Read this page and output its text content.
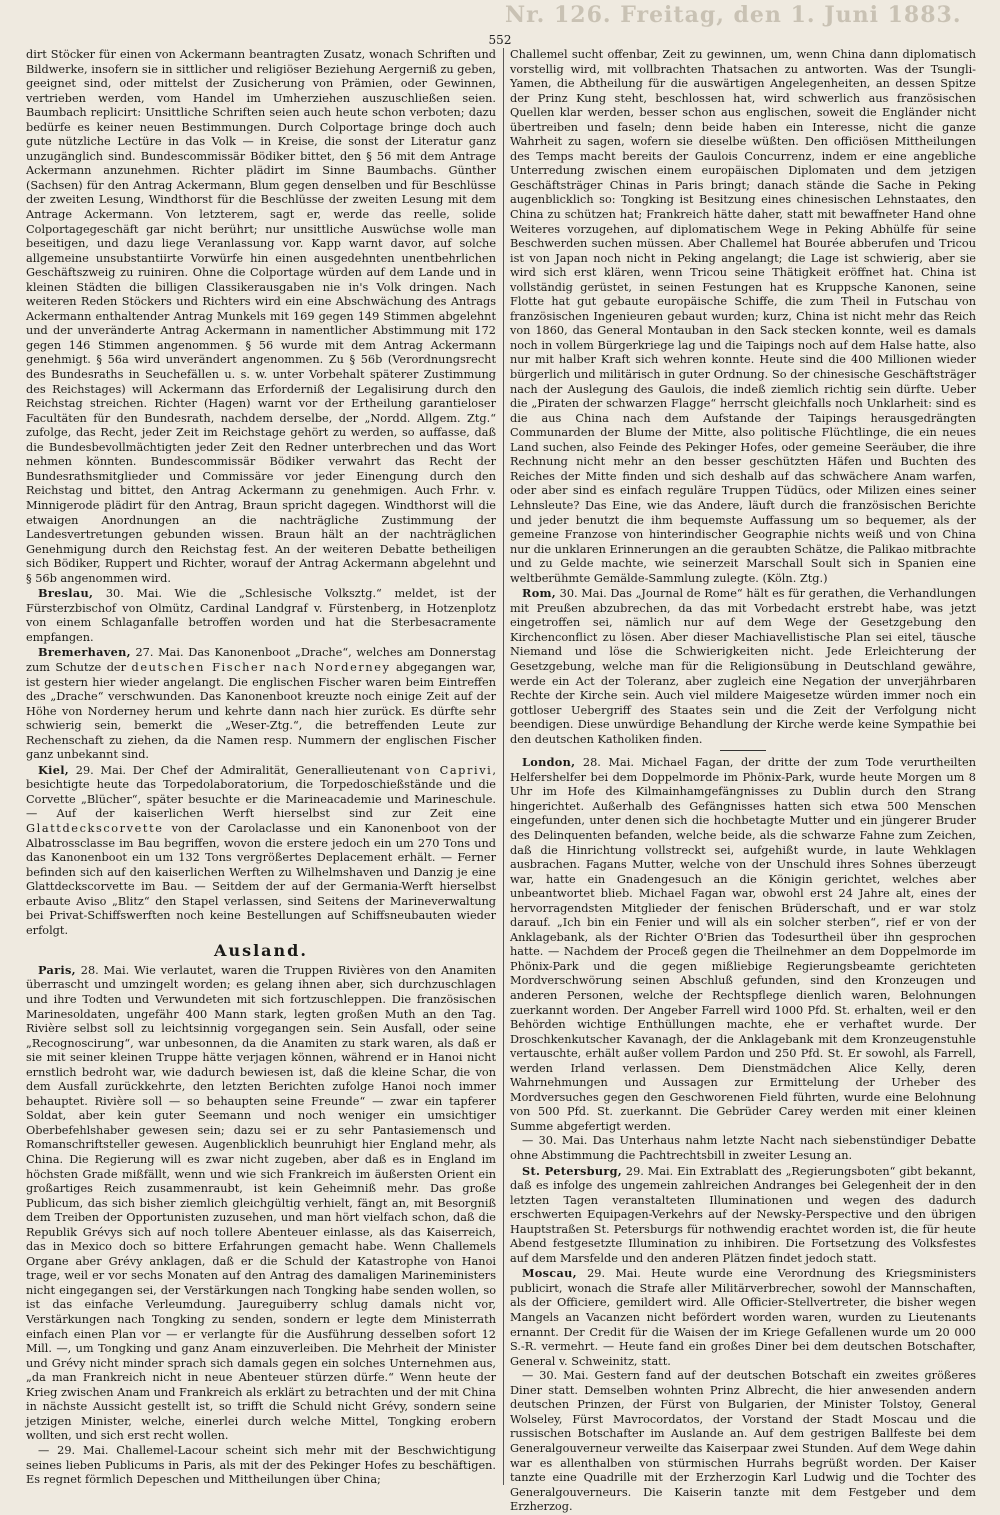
Nr. 126. Freitag, den 1. Juni 1883.
552

dirt Stöcker für einen von Ackermann beantragten Zusatz, wonach Schriften und Bildwerke, insofern sie in sittlicher und religiöser Beziehung Aergerniß zu geben, geeignet sind, oder mittelst der Zusicherung von Prämien, oder Gewinnen, vertrieben werden, vom Handel im Umherziehen auszuschließen seien. Baumbach replicirt: Unsittliche Schriften seien auch heute schon verboten; dazu bedürfe es keiner neuen Bestimmungen. Durch Colportage bringe doch auch gute nützliche Lectüre in das Volk — in Kreise, die sonst der Literatur ganz unzugänglich sind. Bundescommissär Bödiker bittet, den § 56 mit dem Antrage Ackermann anzunehmen. Richter plädirt im Sinne Baumbachs. Günther (Sachsen) für den Antrag Ackermann, Blum gegen denselben und für Beschlüsse der zweiten Lesung, Windthorst für die Beschlüsse der zweiten Lesung mit dem Antrage Ackermann. Von letzterem, sagt er, werde das reelle, solide Colportagegeschäft gar nicht berührt; nur unsittliche Auswüchse wolle man beseitigen, und dazu liege Veranlassung vor. Kapp warnt davor, auf solche allgemeine unsubstantiirte Vorwürfe hin einen ausgedehnten unentbehrlichen Geschäftszweig zu ruiniren. Ohne die Colportage würden auf dem Lande und in kleinen Städten die billigen Classikerausgaben nie in's Volk dringen. Nach weiteren Reden Stöckers und Richters wird ein eine Abschwächung des Antrags Ackermann enthaltender Antrag Munkels mit 169 gegen 149 Stimmen abgelehnt und der unveränderte Antrag Ackermann in namentlicher Abstimmung mit 172 gegen 146 Stimmen angenommen. § 56 wurde mit dem Antrag Ackermann genehmigt. § 56a wird unverändert angenommen. Zu § 56b (Verordnungsrecht des Bundesraths in Seuchefällen u. s. w. unter Vorbehalt späterer Zustimmung des Reichstages) will Ackermann das Erforderniß der Legalisirung durch den Reichstag streichen. Richter (Hagen) warnt vor der Ertheilung garantieloser Facultäten für den Bundesrath, nachdem derselbe, der „Nordd. Allgem. Ztg.“ zufolge, das Recht, jeder Zeit im Reichstage gehört zu werden, so auffasse, daß die Bundesbevollmächtigten jeder Zeit den Redner unterbrechen und das Wort nehmen könnten. Bundescommissär Bödiker verwahrt das Recht der Bundesrathsmitglieder und Commissäre vor jeder Einengung durch den Reichstag und bittet, den Antrag Ackermann zu genehmigen. Auch Frhr. v. Minnigerode plädirt für den Antrag, Braun spricht dagegen. Windthorst will die etwaigen Anordnungen an die nachträgliche Zustimmung der Landesvertretungen gebunden wissen. Braun hält an der nachträglichen Genehmigung durch den Reichstag fest. An der weiteren Debatte betheiligen sich Bödiker, Ruppert und Richter, worauf der Antrag Ackermann abgelehnt und § 56b angenommen wird.

Breslau, 30. Mai. Wie die „Schlesische Volksztg.“ meldet, ist der Fürsterzbischof von Olmütz, Cardinal Landgraf v. Fürstenberg, in Hotzenplotz von einem Schlaganfalle betroffen worden und hat die Sterbesacramente empfangen.

Bremerhaven, 27. Mai. Das Kanonenboot „Drache“, welches am Donnerstag zum Schutze der deutschen Fischer nach Norderney abgegangen war, ist gestern hier wieder angelangt. Die englischen Fischer waren beim Eintreffen des „Drache“ verschwunden. Das Kanonenboot kreuzte noch einige Zeit auf der Höhe von Norderney herum und kehrte dann nach hier zurück. Es dürfte sehr schwierig sein, bemerkt die „Weser-Ztg.“, die betreffenden Leute zur Rechenschaft zu ziehen, da die Namen resp. Nummern der englischen Fischer ganz unbekannt sind.

Kiel, 29. Mai. Der Chef der Admiralität, Generallieutenant von Caprivi, besichtigte heute das Torpedolaboratorium, die Torpedoschießstände und die Corvette „Blücher“, später besuchte er die Marineacademie und Marineschule. — Auf der kaiserlichen Werft hierselbst sind zur Zeit eine Glattdeckscorvette von der Carolaclasse und ein Kanonenboot von der Albatrossclasse im Bau begriffen, wovon die erstere jedoch ein um 270 Tons und das Kanonenboot ein um 132 Tons vergrößertes Deplacement erhält. — Ferner befinden sich auf den kaiserlichen Werften zu Wilhelmshaven und Danzig je eine Glattdeckscorvette im Bau. — Seitdem der auf der Germania-Werft hierselbst erbaute Aviso „Blitz“ den Stapel verlassen, sind Seitens der Marineverwaltung bei Privat-Schiffswerften noch keine Bestellungen auf Schiffsneubauten wieder erfolgt.

Ausland.

Paris, 28. Mai. Wie verlautet, waren die Truppen Rivières von den Anamiten überrascht und umzingelt worden; es gelang ihnen aber, sich durchzuschlagen und ihre Todten und Verwundeten mit sich fortzuschleppen. Die französischen Marinesoldaten, ungefähr 400 Mann stark, legten großen Muth an den Tag. Rivière selbst soll zu leichtsinnig vorgegangen sein. Sein Ausfall, oder seine „Recognoscirung“, war unbesonnen, da die Anamiten zu stark waren, als daß er sie mit seiner kleinen Truppe hätte verjagen können, während er in Hanoi nicht ernstlich bedroht war, wie dadurch bewiesen ist, daß die kleine Schar, die von dem Ausfall zurückkehrte, den letzten Berichten zufolge Hanoi noch immer behauptet. Rivière soll — so behaupten seine Freunde“ — zwar ein tapferer Soldat, aber kein guter Seemann und noch weniger ein umsichtiger Oberbefehlshaber gewesen sein; dazu sei er zu sehr Pantasiemensch und Romanschriftsteller gewesen. Augenblicklich beunruhigt hier England mehr, als China. Die Regierung will es zwar nicht zugeben, aber daß es in England im höchsten Grade mißfällt, wenn und wie sich Frankreich im äußersten Orient ein großartiges Reich zusammenraubt, ist kein Geheimniß mehr. Das große Publicum, das sich bisher ziemlich gleichgültig verhielt, fängt an, mit Besorgniß dem Treiben der Opportunisten zuzusehen, und man hört vielfach schon, daß die Republik Grévys sich auf noch tollere Abenteuer einlasse, als das Kaiserreich, das in Mexico doch so bittere Erfahrungen gemacht habe. Wenn Challemels Organe aber Grévy anklagen, daß er die Schuld der Katastrophe von Hanoi trage, weil er vor sechs Monaten auf den Antrag des damaligen Marineministers nicht eingegangen sei, der Verstärkungen nach Tongking habe senden wollen, so ist das einfache Verleumdung. Jaureguiberry schlug damals nicht vor, Verstärkungen nach Tongking zu senden, sondern er legte dem Ministerrath einfach einen Plan vor — er verlangte für die Ausführung desselben sofort 12 Mill. —, um Tongking und ganz Anam einzuverleiben. Die Mehrheit der Minister und Grévy nicht minder sprach sich damals gegen ein solches Unternehmen aus, „da man Frankreich nicht in neue Abenteuer stürzen dürfe.“ Wenn heute der Krieg zwischen Anam und Frankreich als erklärt zu betrachten und der mit China in nächste Aussicht gestellt ist, so trifft die Schuld nicht Grévy, sondern seine jetzigen Minister, welche, einerlei durch welche Mittel, Tongking erobern wollten, und sich erst recht wollen.

— 29. Mai. Challemel-Lacour scheint sich mehr mit der Beschwichtigung seines lieben Publicums in Paris, als mit der des Pekinger Hofes zu beschäftigen. Es regnet förmlich Depeschen und Mittheilungen über China;

Challemel sucht offenbar, Zeit zu gewinnen, um, wenn China dann diplomatisch vorstellig wird, mit vollbrachten Thatsachen zu antworten. Was der Tsungli-Yamen, die Abtheilung für die auswärtigen Angelegenheiten, an dessen Spitze der Prinz Kung steht, beschlossen hat, wird schwerlich aus französischen Quellen klar werden, besser schon aus englischen, soweit die Engländer nicht übertreiben und faseln; denn beide haben ein Interesse, nicht die ganze Wahrheit zu sagen, wofern sie dieselbe wüßten. Den officiösen Mittheilungen des Temps macht bereits der Gaulois Concurrenz, indem er eine angebliche Unterredung zwischen einem europäischen Diplomaten und dem jetzigen Geschäftsträger Chinas in Paris bringt; danach stände die Sache in Peking augenblicklich so: Tongking ist Besitzung eines chinesischen Lehnstaates, den China zu schützen hat; Frankreich hätte daher, statt mit bewaffneter Hand ohne Weiteres vorzugehen, auf diplomatischem Wege in Peking Abhülfe für seine Beschwerden suchen müssen. Aber Challemel hat Bourée abberufen und Tricou ist von Japan noch nicht in Peking angelangt; die Lage ist schwierig, aber sie wird sich erst klären, wenn Tricou seine Thätigkeit eröffnet hat. China ist vollständig gerüstet, in seinen Festungen hat es Kruppsche Kanonen, seine Flotte hat gut gebaute europäische Schiffe, die zum Theil in Futschau von französischen Ingenieuren gebaut wurden; kurz, China ist nicht mehr das Reich von 1860, das General Montauban in den Sack stecken konnte, weil es damals noch in vollem Bürgerkriege lag und die Taipings noch auf dem Halse hatte, also nur mit halber Kraft sich wehren konnte. Heute sind die 400 Millionen wieder bürgerlich und militärisch in guter Ordnung. So der chinesische Geschäftsträger nach der Auslegung des Gaulois, die indeß ziemlich richtig sein dürfte. Ueber die „Piraten der schwarzen Flagge“ herrscht gleichfalls noch Unklarheit: sind es die aus China nach dem Aufstande der Taipings herausgedrängten Communarden der Blume der Mitte, also politische Flüchtlinge, die ein neues Land suchen, also Feinde des Pekinger Hofes, oder gemeine Seeräuber, die ihre Rechnung nicht mehr an den besser geschützten Häfen und Buchten des Reiches der Mitte finden und sich deshalb auf das schwächere Anam warfen, oder aber sind es einfach reguläre Truppen Tüdücs, oder Milizen eines seiner Lehnsleute? Das Eine, wie das Andere, läuft durch die französischen Berichte und jeder benutzt die ihm bequemste Auffassung um so bequemer, als der gemeine Franzose von hinterindischer Geographie nichts weiß und von China nur die unklaren Erinnerungen an die geraubten Schätze, die Palikao mitbrachte und zu Gelde machte, wie seinerzeit Marschall Soult sich in Spanien eine weltberühmte Gemälde-Sammlung zulegte. (Köln. Ztg.)

Rom, 30. Mai. Das „Journal de Rome“ hält es für gerathen, die Verhandlungen mit Preußen abzubrechen, da das mit Vorbedacht erstrebt habe, was jetzt eingetroffen sei, nämlich nur auf dem Wege der Gesetzgebung den Kirchenconflict zu lösen. Aber dieser Machiavellistische Plan sei eitel, täusche Niemand und löse die Schwierigkeiten nicht. Jede Erleichterung der Gesetzgebung, welche man für die Religionsübung in Deutschland gewähre, werde ein Act der Toleranz, aber zugleich eine Negation der unverjährbaren Rechte der Kirche sein. Auch viel mildere Maigesetze würden immer noch ein gottloser Uebergriff des Staates sein und die Zeit der Verfolgung nicht beendigen. Diese unwürdige Behandlung der Kirche werde keine Sympathie bei den deutschen Katholiken finden.

London, 28. Mai. Michael Fagan, der dritte der zum Tode verurtheilten Helfershelfer bei dem Doppelmorde im Phönix-Park, wurde heute Morgen um 8 Uhr im Hofe des Kilmainhamgefängnisses zu Dublin durch den Strang hingerichtet. Außerhalb des Gefängnisses hatten sich etwa 500 Menschen eingefunden, unter denen sich die hochbetagte Mutter und ein jüngerer Bruder des Delinquenten befanden, welche beide, als die schwarze Fahne zum Zeichen, daß die Hinrichtung vollstreckt sei, aufgehißt wurde, in laute Wehklagen ausbrachen. Fagans Mutter, welche von der Unschuld ihres Sohnes überzeugt war, hatte ein Gnadengesuch an die Königin gerichtet, welches aber unbeantwortet blieb. Michael Fagan war, obwohl erst 24 Jahre alt, eines der hervorragendsten Mitglieder der fenischen Brüderschaft, und er war stolz darauf. „Ich bin ein Fenier und will als ein solcher sterben“, rief er von der Anklagebank, als der Richter O'Brien das Todesurtheil über ihn gesprochen hatte. — Nachdem der Proceß gegen die Theilnehmer an dem Doppelmorde im Phönix-Park und die gegen mißliebige Regierungsbeamte gerichteten Mordverschwörung seinen Abschluß gefunden, sind den Kronzeugen und anderen Personen, welche der Rechtspflege dienlich waren, Belohnungen zuerkannt worden. Der Angeber Farrell wird 1000 Pfd. St. erhalten, weil er den Behörden wichtige Enthüllungen machte, ehe er verhaftet wurde. Der Droschkenkutscher Kavanagh, der die Anklagebank mit dem Kronzeugenstuhle vertauschte, erhält außer vollem Pardon und 250 Pfd. St. Er sowohl, als Farrell, werden Irland verlassen. Dem Dienstmädchen Alice Kelly, deren Wahrnehmungen und Aussagen zur Ermittelung der Urheber des Mordversuches gegen den Geschworenen Field führten, wurde eine Belohnung von 500 Pfd. St. zuerkannt. Die Gebrüder Carey werden mit einer kleinen Summe abgefertigt werden.

— 30. Mai. Das Unterhaus nahm letzte Nacht nach siebenstündiger Debatte ohne Abstimmung die Pachtrechtsbill in zweiter Lesung an.

St. Petersburg, 29. Mai. Ein Extrablatt des „Regierungsboten“ gibt bekannt, daß es infolge des ungemein zahlreichen Andranges bei Gelegenheit der in den letzten Tagen veranstalteten Illuminationen und wegen des dadurch erschwerten Equipagen-Verkehrs auf der Newsky-Perspective und den übrigen Hauptstraßen St. Petersburgs für nothwendig erachtet worden ist, die für heute Abend festgesetzte Illumination zu inhibiren. Die Fortsetzung des Volksfestes auf dem Marsfelde und den anderen Plätzen findet jedoch statt.

Moscau, 29. Mai. Heute wurde eine Verordnung des Kriegsministers publicirt, wonach die Strafe aller Militärverbrecher, sowohl der Mannschaften, als der Officiere, gemildert wird. Alle Officier-Stellvertreter, die bisher wegen Mangels an Vacanzen nicht befördert worden waren, wurden zu Lieutenants ernannt. Der Credit für die Waisen der im Kriege Gefallenen wurde um 20 000 S.-R. vermehrt. — Heute fand ein großes Diner bei dem deutschen Botschafter, General v. Schweinitz, statt.

— 30. Mai. Gestern fand auf der deutschen Botschaft ein zweites größeres Diner statt. Demselben wohnten Prinz Albrecht, die hier anwesenden andern deutschen Prinzen, der Fürst von Bulgarien, der Minister Tolstoy, General Wolseley, Fürst Mavrocordatos, der Vorstand der Stadt Moscau und die russischen Botschafter im Auslande an. Auf dem gestrigen Ballfeste bei dem Generalgouverneur verweilte das Kaiserpaar zwei Stunden. Auf dem Wege dahin war es allenthalben von stürmischen Hurrahs begrüßt worden. Der Kaiser tanzte eine Quadrille mit der Erzherzogin Karl Ludwig und die Tochter des Generalgouverneurs. Die Kaiserin tanzte mit dem Festgeber und dem Erzherzog.
